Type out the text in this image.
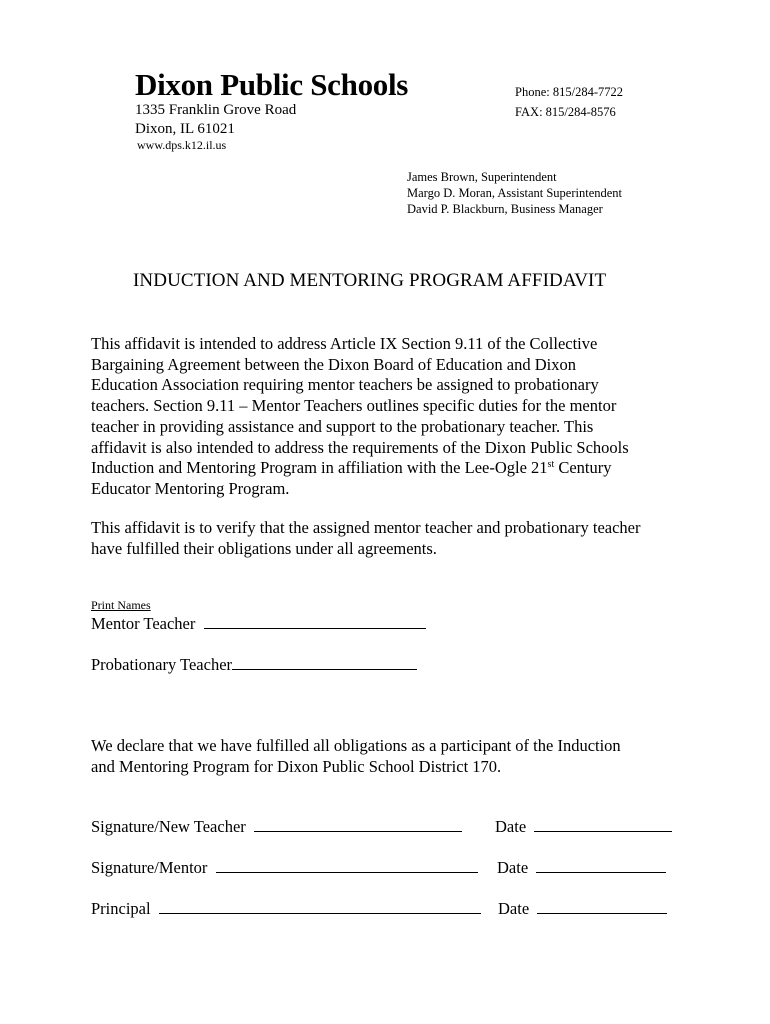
Dixon Public Schools
1335 Franklin Grove Road
Dixon, IL 61021
www.dps.k12.il.us
Phone: 815/284-7722
FAX: 815/284-8576
James Brown, Superintendent
Margo D. Moran, Assistant Superintendent
David P. Blackburn, Business Manager
INDUCTION AND MENTORING PROGRAM AFFIDAVIT

This affidavit is intended to address Article IX Section 9.11 of the Collective

Bargaining Agreement between the Dixon Board of Education and Dixon

Education Association requiring mentor teachers be assigned to probationary

teachers. Section 9.11 – Mentor Teachers outlines specific duties for the mentor

teacher in providing assistance and support to the probationary teacher. This

affidavit is also intended to address the requirements of the Dixon Public Schools

Induction and Mentoring Program in affiliation with the Lee-Ogle 21st Century

Educator Mentoring Program.

This affidavit is to verify that the assigned mentor teacher and probationary teacher

have fulfilled their obligations under all agreements.

Print Names
Mentor Teacher
Probationary Teacher

We declare that we have fulfilled all obligations as a participant of the Induction

and Mentoring Program for Dixon Public School District 170.

Signature/New Teacher	Date
Signature/Mentor	Date
Principal	Date
